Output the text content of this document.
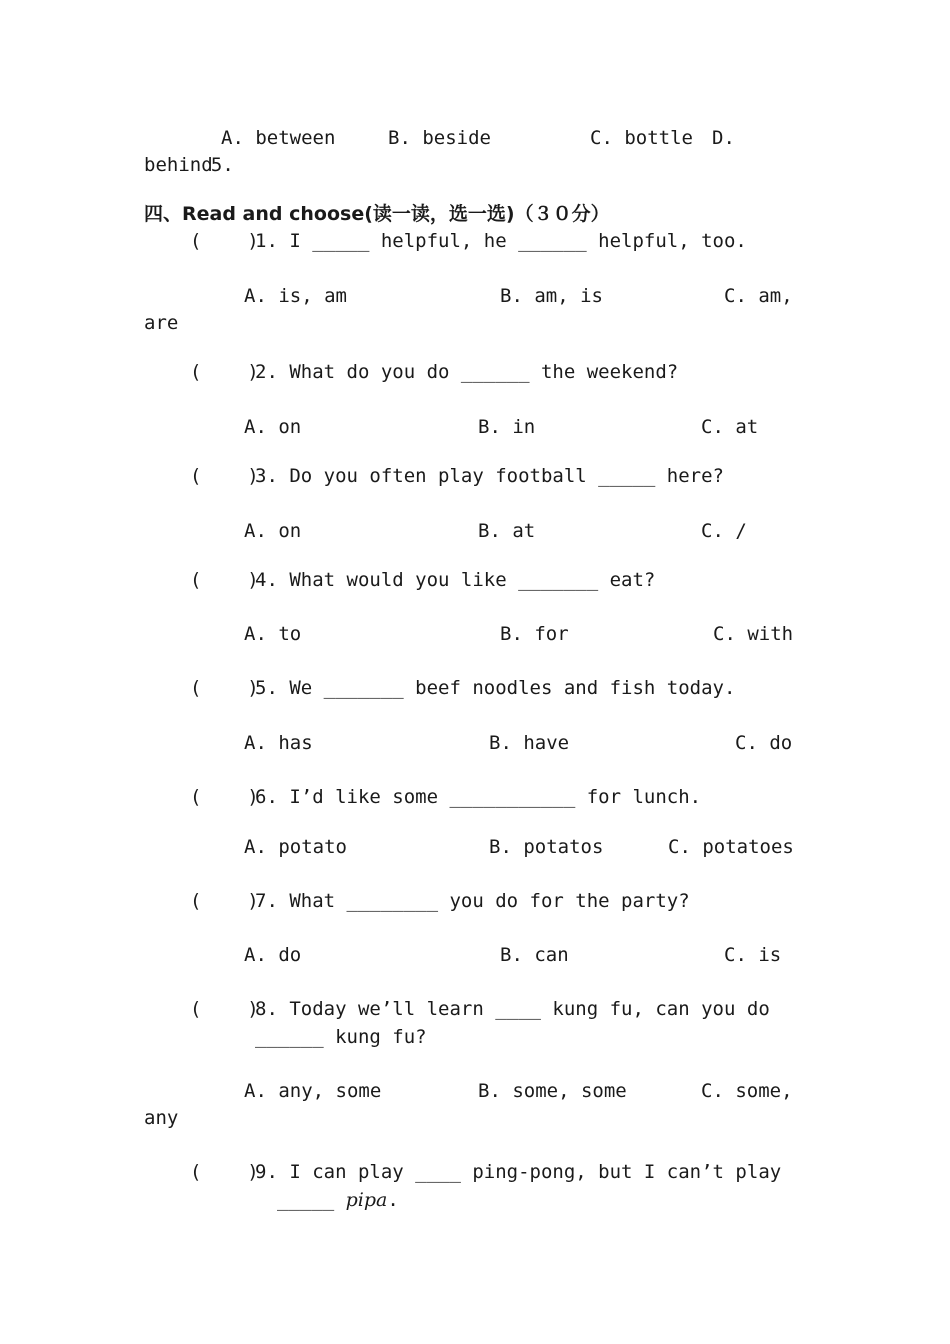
5.

A. between	B. beside	C. bottle D.
behind
四、Read and choose(读一读，选一选)（３０分）
(    )
1. I _____ helpful, he ______ helpful, too.
A. is, am	B. am, is	C. am,
are
(    )
2. What do you do ______ the weekend?
A. on	B. in	C. at
(    )
3. Do you often play football _____ here?
A. on	B. at	C. /
(    )
4. What would you like _______ eat?
A. to	B. for	C. with
(    )
5. We _______ beef noodles and fish today.
A. has	B. have	C. do
(    )
6. I’d like some ___________ for lunch.
A. potato	B. potatos	C. potatoes
(    )
7. What ________ you do for the party?
A. do	B. can	C. is
(    )
8. Today we’ll learn ____ kung fu, can you do
______ kung fu?
A. any, some	B. some, some	C. some,
any
(    )
9. I can play ____ ping-pong, but I can’t play
_____ pipa.
